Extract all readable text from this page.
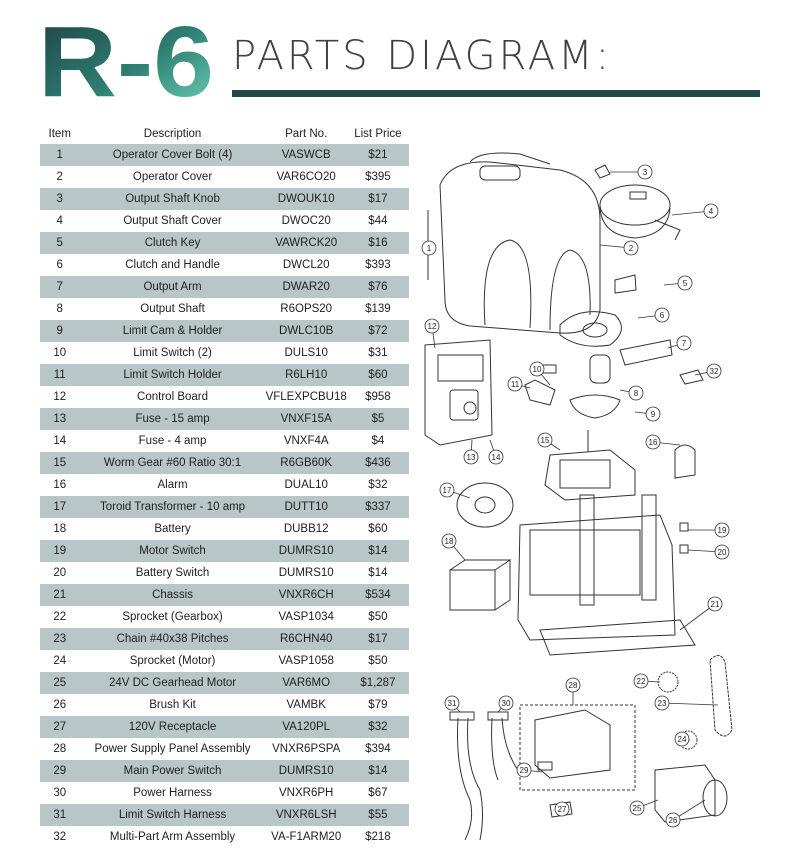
R-6 PARTS DIAGRAM:
Item	Description	Part No.	List Price
1	Operator Cover Bolt (4)	VASWCB	$21
2	Operator Cover	VAR6CO20	$395
3	Output Shaft Knob	DWOUK10	$17
4	Output Shaft Cover	DWOC20	$44
5	Clutch Key	VAWRCK20	$16
6	Clutch and Handle	DWCL20	$393
7	Output Arm	DWAR20	$76
8	Output Shaft	R6OPS20	$139
9	Limit Cam & Holder	DWLC10B	$72
10	Limit Switch (2)	DULS10	$31
11	Limit Switch Holder	R6LH10	$60
12	Control Board	VFLEXPCBU18	$958
13	Fuse - 15 amp	VNXF15A	$5
14	Fuse - 4 amp	VNXF4A	$4
15	Worm Gear #60 Ratio 30:1	R6GB60K	$436
16	Alarm	DUAL10	$32
17	Toroid Transformer - 10 amp	DUTT10	$337
18	Battery	DUBB12	$60
19	Motor Switch	DUMRS10	$14
20	Battery Switch	DUMRS10	$14
21	Chassis	VNXR6CH	$534
22	Sprocket (Gearbox)	VASP1034	$50
23	Chain #40x38 Pitches	R6CHN40	$17
24	Sprocket (Motor)	VASP1058	$50
25	24V DC Gearhead Motor	VAR6MO	$1,287
26	Brush Kit	VAMBK	$79
27	120V Receptacle	VA120PL	$32
28	Power Supply Panel Assembly	VNXR6PSPA	$394
29	Main Power Switch	DUMRS10	$14
30	Power Harness	VNXR6PH	$67
31	Limit Switch Harness	VNXR6LSH	$55
32	Multi-Part Arm Assembly	VA-F1ARM20	$218
1	2
3
4
5
6
7
8
9
10
11
12
13 14
15	16
17
18
19
20
21
22
23
24
25
26
27
28
29
30
31
32
